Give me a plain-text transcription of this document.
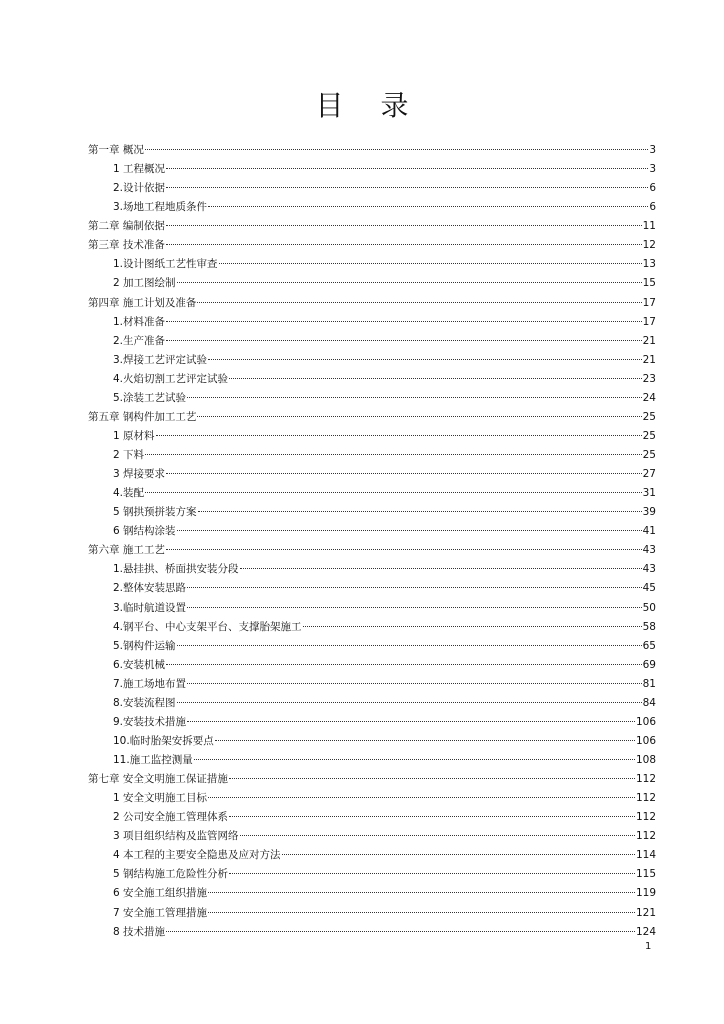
目 录
第一章 概况	3
1 工程概况	3
2.设计依据	6
3.场地工程地质条件	6
第二章 编制依据	11
第三章 技术准备	12
1.设计图纸工艺性审查	13
2 加工图绘制	15
第四章 施工计划及准备	17
1.材料准备	17
2.生产准备	21
3.焊接工艺评定试验	21
4.火焰切割工艺评定试验	23
5.涂装工艺试验	24
第五章 钢构件加工工艺	25
1 原材料	25
2 下料	25
3 焊接要求	27
4.装配	31
5 钢拱预拼装方案	39
6 钢结构涂装	41
第六章 施工工艺	43
1.悬挂拱、桥面拱安装分段	43
2.整体安装思路	45
3.临时航道设置	50
4.钢平台、中心支架平台、支撑胎架施工	58
5.钢构件运输	65
6.安装机械	69
7.施工场地布置	81
8.安装流程图	84
9.安装技术措施	106
10.临时胎架安拆要点	106
11.施工监控测量	108
第七章 安全文明施工保证措施	112
1 安全文明施工目标	112
2 公司安全施工管理体系	112
3 项目组织结构及监管网络	112
4 本工程的主要安全隐患及应对方法	114
5 钢结构施工危险性分析	115
6 安全施工组织措施	119
7 安全施工管理措施	121
8 技术措施	124
1
